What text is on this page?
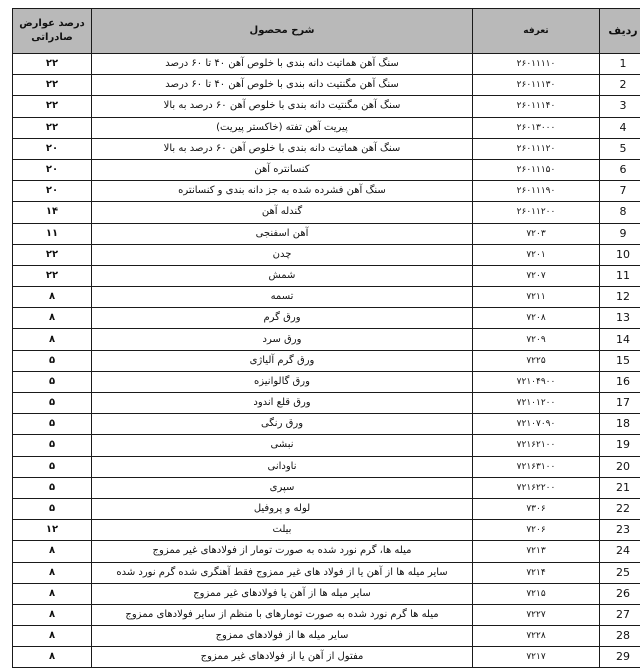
ردیف	تعرفه	شرح محصول	درصد عوارض صادراتی
1	۲۶۰۱۱۱۱۰	سنگ آهن هماتیت دانه بندی با خلوص آهن ۴۰ تا ۶۰ درصد	۲۲
2	۲۶۰۱۱۱۳۰	سنگ آهن مگنتیت دانه بندی با خلوص آهن ۴۰ تا ۶۰ درصد	۲۲
3	۲۶۰۱۱۱۴۰	سنگ آهن مگنتیت دانه بندی با خلوص آهن ۶۰ درصد به بالا	۲۲
4	۲۶۰۱۳۰۰۰	پیریت آهن تفته (خاکستر پیریت)	۲۲
5	۲۶۰۱۱۱۲۰	سنگ آهن هماتیت دانه بندی با خلوص آهن ۶۰ درصد به بالا	۲۰
6	۲۶۰۱۱۱۵۰	کنسانتره آهن	۲۰
7	۲۶۰۱۱۱۹۰	سنگ آهن فشرده شده به جز دانه بندی و کنسانتره	۲۰
8	۲۶۰۱۱۲۰۰	گندله آهن	۱۴
9	۷۲۰۳	آهن اسفنجی	۱۱
10	۷۲۰۱	چدن	۲۲
11	۷۲۰۷	شمش	۲۲
12	۷۲۱۱	تسمه	۸
13	۷۲۰۸	ورق گرم	۸
14	۷۲۰۹	ورق سرد	۸
15	۷۲۲۵	ورق گرم آلیاژی	۵
16	۷۲۱۰۴۹۰۰	ورق گالوانیزه	۵
17	۷۲۱۰۱۲۰۰	ورق قلع اندود	۵
18	۷۲۱۰۷۰۹۰	ورق رنگی	۵
19	۷۲۱۶۲۱۰۰	نبشی	۵
20	۷۲۱۶۳۱۰۰	ناودانی	۵
21	۷۲۱۶۲۲۰۰	سپری	۵
22	۷۳۰۶	لوله و پروفیل	۵
23	۷۲۰۶	بیلت	۱۲
24	۷۲۱۳	میله ها، گرم نورد شده به صورت تومار از فولادهای غیر ممزوج	۸
25	۷۲۱۴	سایر میله ها از آهن یا از فولاد های غیر ممزوج فقط آهنگری شده گرم نورد شده	۸
26	۷۲۱۵	سایر میله ها از آهن یا فولادهای غیر ممزوج	۸
27	۷۲۲۷	میله ها گرم نورد شده به صورت تومارهای با منظم از سایر فولادهای ممزوج	۸
28	۷۲۲۸	سایر میله ها از فولادهای ممزوج	۸
29	۷۲۱۷	مفتول از آهن یا از فولادهای غیر ممزوج	۸
